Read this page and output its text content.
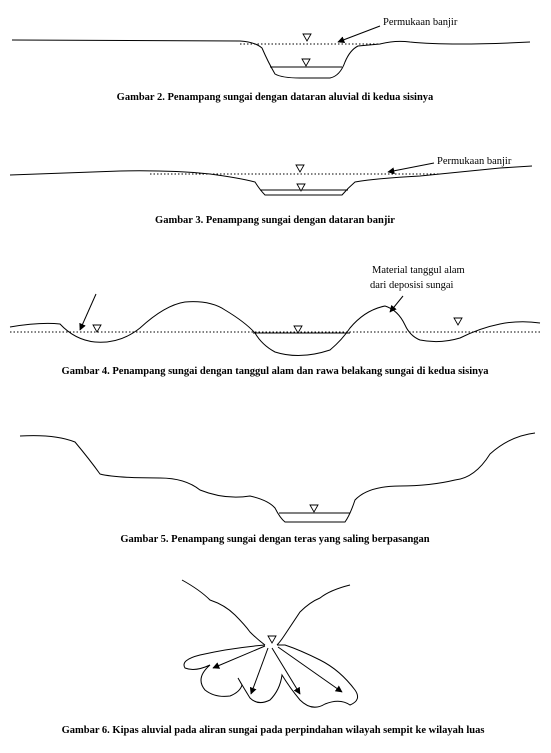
Permukaan banjir
Gambar 2. Penampang sungai dengan dataran aluvial di kedua sisinya
Permukaan banjir
Gambar 3. Penampang sungai dengan dataran banjir
Material tanggul alam
dari deposisi sungai
Gambar 4. Penampang sungai dengan tanggul alam dan rawa belakang sungai di kedua sisinya
Gambar 5. Penampang sungai dengan teras yang saling berpasangan
Gambar 6. Kipas aluvial pada aliran sungai pada perpindahan wilayah sempit ke wilayah luas
